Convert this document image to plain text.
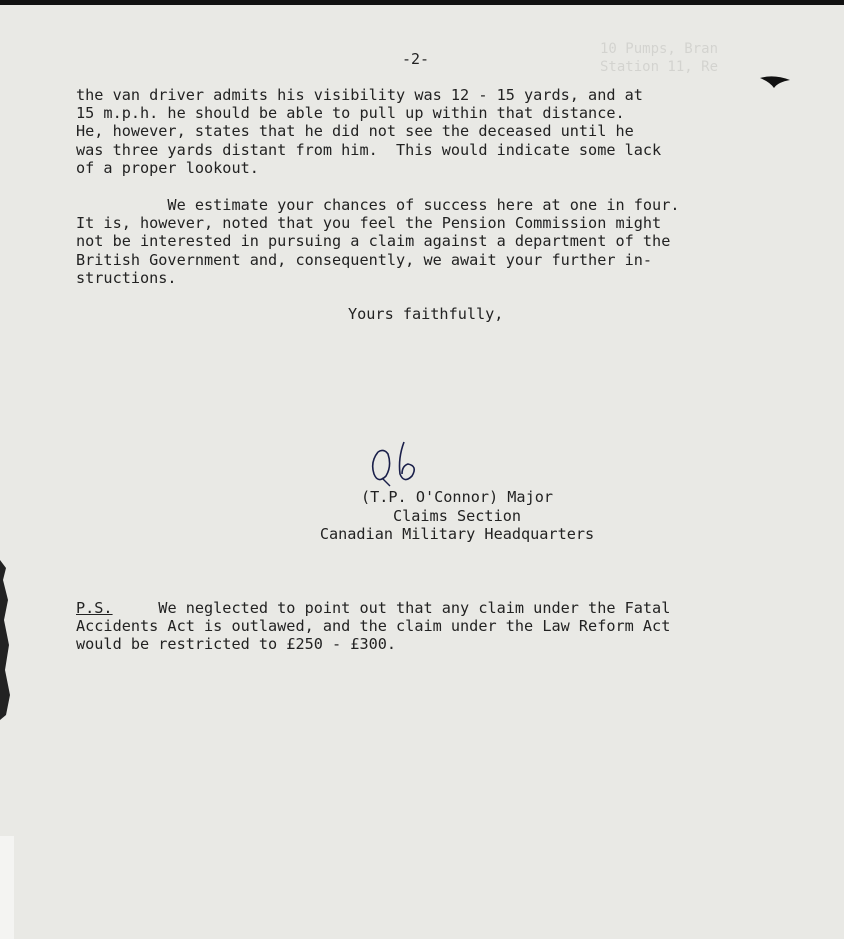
10 Pumps, Bran
Station 11, Re
-2-

the van driver admits his visibility was 12 - 15 yards, and at
15 m.p.h. he should be able to pull up within that distance.
He, however, states that he did not see the deceased until he
was three yards distant from him.  This would indicate some lack
of a proper lookout.

We estimate your chances of success here at one in four.
It is, however, noted that you feel the Pension Commission might
not be interested in pursuing a claim against a department of the
British Government and, consequently, we await your further in-
structions.

Yours faithfully,
(T.P. O'Connor) Major
Claims Section
Canadian Military Headquarters

P.S.     We neglected to point out that any claim under the Fatal
Accidents Act is outlawed, and the claim under the Law Reform Act
would be restricted to £250 - £300.
